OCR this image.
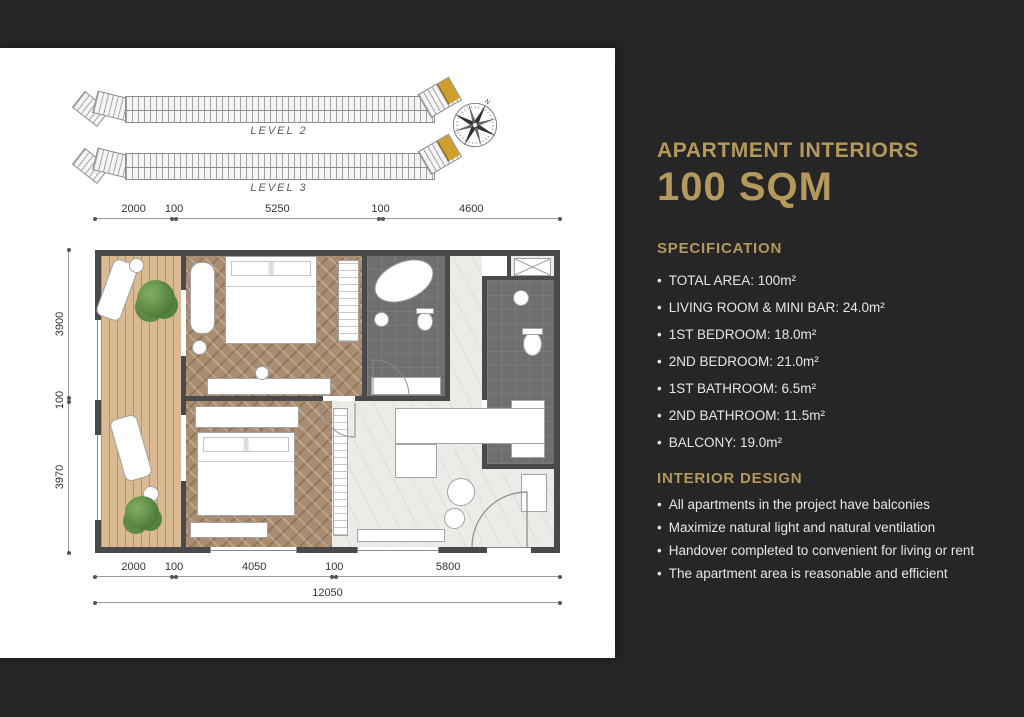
LEVEL 2
LEVEL 3
N
2000 100	5250	100	4600
3900
100
3970
2000 100	4050	100	5800
12050
APARTMENT INTERIORS
100 SQM
SPECIFICATION
• TOTAL AREA: 100m²
• LIVING ROOM & MINI BAR: 24.0m²
• 1ST BEDROOM: 18.0m²
• 2ND BEDROOM: 21.0m²
• 1ST BATHROOM: 6.5m²
• 2ND BATHROOM: 11.5m²
• BALCONY: 19.0m²
INTERIOR DESIGN
• All apartments in the project have balconies
• Maximize natural light and natural ventilation
• Handover completed to convenient for living or rent
• The apartment area is reasonable and efficient
